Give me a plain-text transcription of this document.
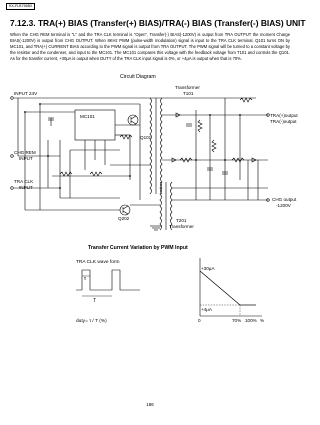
KX-FLB756BX
7.12.3. TRA(+) BIAS (Transfer(+) BIAS)/TRA(-) BIAS (Transfer(-) BIAS) UNIT

When the CHG REM terminal is "L" and the TRA CLK terminal is "Open", Transfer(-) BIAS(-1200V) is output from TRA OUTPUT the moment Charge BIAS(-1200V) is output from CHG OUTPUT. When 8KHz PWM (pulse-width modulation) signal is input to the TRA CLK terminal, Q101 turns ON by MC101, and TRA(+) CURRENT BIAS according to the PWM signal is output from TRA OUTPUT. The PWM signal will be turned to a constant voltage by the resistor and the condenser, and input to the MC101. The MC101 compares this voltage with the feedback voltage from T101 and controls the Q101. As for the transfer current, +30μA is output when DUTY of the TRA CLK input signal is 0%, or +4μA is output when that is 70%.

Circuit Diagram
INPUT 24V
Transformer
T101
MC101
Q101
CHG REM
INPUT
TRA CLK
INPUT
Q202	T201
Transformer
TRA(+)output
TRA(-)output
CHG output
-1200V
Transfer Current Variation by PWM Input
TRA CLK wave form
τ
T
duty= τ / T (%)
+30μA
+4μA
0	70% 100% %
186
